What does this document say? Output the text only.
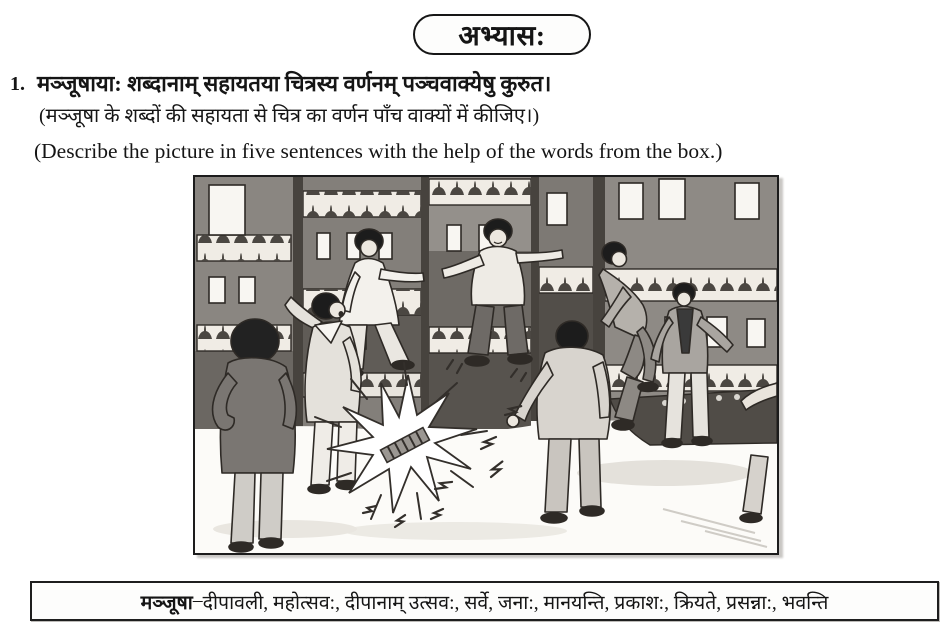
अभ्यास:
1. मञ्जूषाया: शब्दानाम् सहायतया चित्रस्य वर्णनम् पञ्चवाक्येषु कुरुत।
(मञ्जूषा के शब्दों की सहायता से चित्र का वर्णन पाँच वाक्यों में कीजिए।)
(Describe the picture in five sentences with the help of the words from the box.)
मञ्जूषा – दीपावली, महोत्सव:, दीपानाम् उत्सव:, सर्वे, जना:, मानयन्ति, प्रकाश:, क्रियते, प्रसन्ना:, भवन्ति
